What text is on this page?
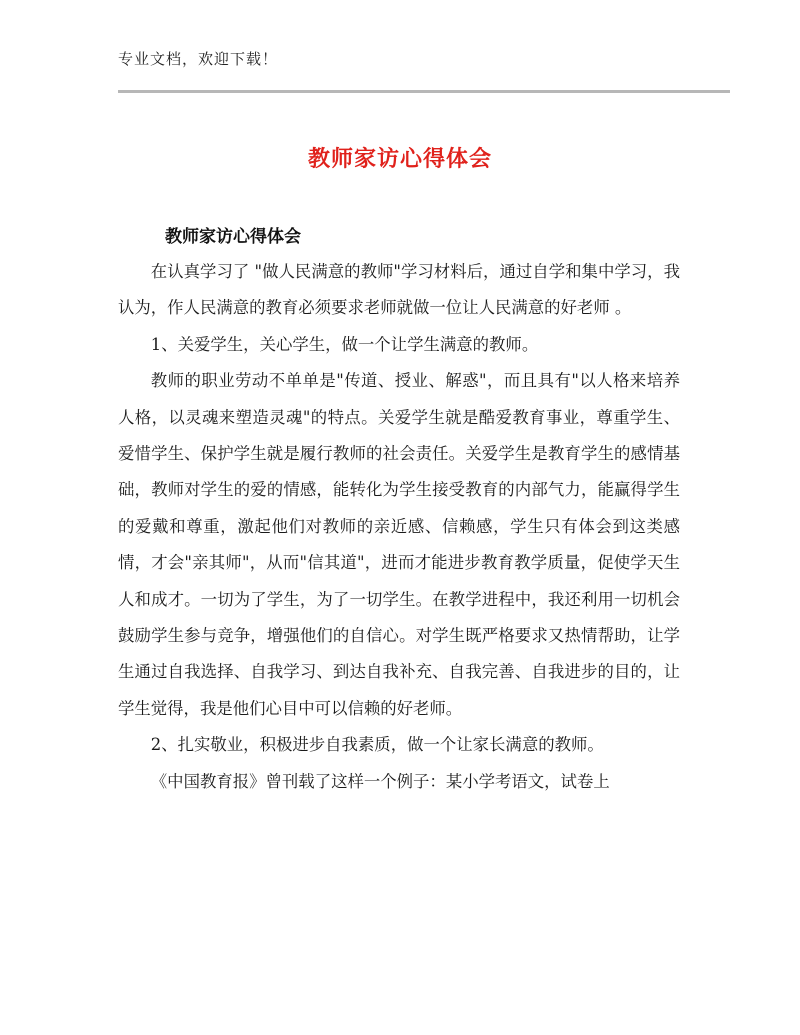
专业文档，欢迎下载！
教师家访心得体会
教师家访心得体会

在认真学习了 "做人民满意的教师"学习材料后，通过自学和集中学习，我认为，作人民满意的教育必须要求老师就做一位让人民满意的好老师 。

1、关爱学生，关心学生，做一个让学生满意的教师。

教师的职业劳动不单单是"传道、授业、解惑"，而且具有"以人格来培养人格，以灵魂来塑造灵魂"的特点。关爱学生就是酷爱教育事业，尊重学生、爱惜学生、保护学生就是履行教师的社会责任。关爱学生是教育学生的感情基础，教师对学生的爱的情感，能转化为学生接受教育的内部气力，能赢得学生的爱戴和尊重，激起他们对教师的亲近感、信赖感，学生只有体会到这类感情，才会"亲其师"，从而"信其道"，进而才能进步教育教学质量，促使学天生人和成才。一切为了学生，为了一切学生。在教学进程中，我还利用一切机会鼓励学生参与竞争，增强他们的自信心。对学生既严格要求又热情帮助，让学生通过自我选择、自我学习、到达自我补充、自我完善、自我进步的目的，让学生觉得，我是他们心目中可以信赖的好老师。

2、扎实敬业，积极进步自我素质，做一个让家长满意的教师。

《中国教育报》曾刊载了这样一个例子：某小学考语文，试卷上
